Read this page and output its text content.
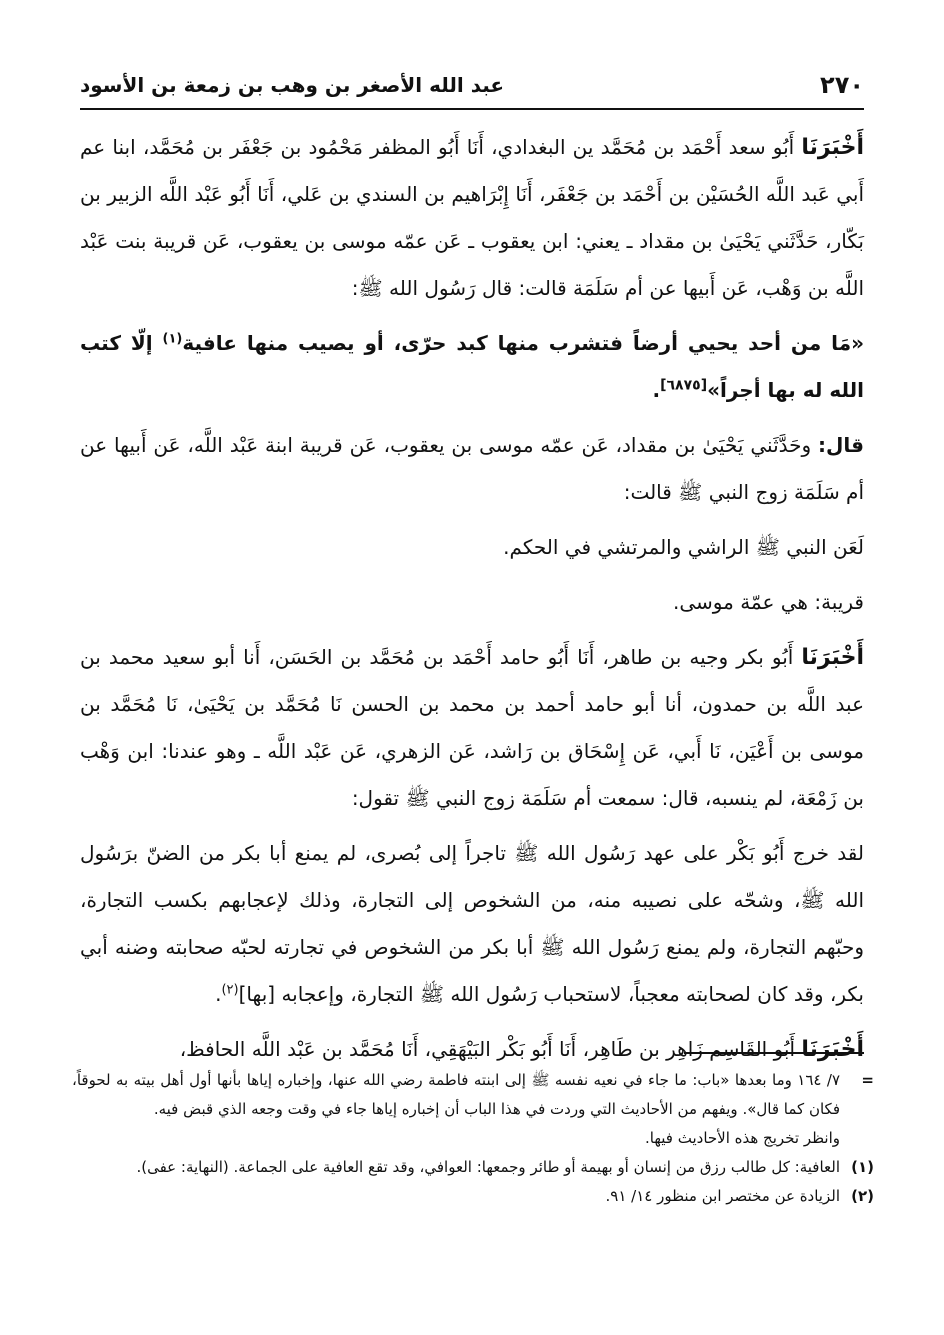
٢٧٠
عبد الله الأصغر بن وهب بن زمعة بن الأسود

أَخْبَرَنَا أَبُو سعد أَحْمَد بن مُحَمَّد ين البغدادي، أَنَا أَبُو المظفر مَحْمُود بن جَعْفَر بن مُحَمَّد، ابنا عم أَبي عَبد اللَّه الحُسَيْن بن أَحْمَد بن جَعْفَر، أَنَا إِبْرَاهيم بن السندي بن عَلي، أَنَا أَبُو عَبْد اللَّه الزبير بن بَكّار، حَدَّثَني يَحْيَىٰ بن مقداد ـ يعني: ابن يعقوب ـ عَن عمّه موسى بن يعقوب، عَن قريبة بنت عَبْد اللَّه بن وَهْب، عَن أَبيها عن أم سَلَمَة قالت: قال رَسُول الله ﷺ:

«مَا من أحد يحيي أرضاً فتشرب منها كبد حرّى، أو يصيب منها عافية$^{(١)}$ إلّا كتب الله له بها أجراً»[٦٨٧٥].

قال: وحَدَّثَني يَحْيَىٰ بن مقداد، عَن عمّه موسى بن يعقوب، عَن قريبة ابنة عَبْد اللَّه، عَن أَبيها عن أم سَلَمَة زوج النبي ﷺ قالت:

لَعَن النبي ﷺ الراشي والمرتشي في الحكم.

قريبة: هي عمّة موسى.

أَخْبَرَنَا أَبُو بكر وجيه بن طاهر، أَنَا أَبُو حامد أَحْمَد بن مُحَمَّد بن الحَسَن، أَنا أبو سعيد محمد بن عبد اللَّه بن حمدون، أنا أبو حامد أحمد بن محمد بن الحسن نَا مُحَمَّد بن يَحْيَىٰ، نَا مُحَمَّد بن موسى بن أَعْيَن، نَا أَبي، عَن إِسْحَاق بن رَاشد، عَن الزهري، عَن عَبْد اللَّه ـ وهو عندنا: ابن وَهْب بن زَمْعَة، لم ينسبه، قال: سمعت أم سَلَمَة زوج النبي ﷺ تقول:

لقد خرج أَبُو بَكْر على عهد رَسُول الله ﷺ تاجراً إلى بُصرى، لم يمنع أبا بكر من الضنّ برَسُول الله ﷺ، وشحّه على نصيبه منه، من الشخوص إلى التجارة، وذلك لإعجابهم بكسب التجارة، وحبّهم التجارة، ولم يمنع رَسُول الله ﷺ أبا بكر من الشخوص في تجارته لحبّه صحابته وضنه أبي بكر، وقد كان لصحابته معجباً، لاستحباب رَسُول الله ﷺ التجارة، وإعجابه [بها]$^{(٢)}$.

أَخْبَرَنَا أَبُو القَاسِم زَاهِر بن طَاهِر، أَنَا أَبُو بَكْر البَيْهَقِي، أَنَا مُحَمَّد بن عَبْد اللَّه الحافظ،

=
٧/ ١٦٤ وما بعدها «باب: ما جاء في نعيه نفسه ﷺ إلى ابنته فاطمة رضي الله عنها، وإخباره إياها بأنها أول أهل بيته به لحوقاً، فكان كما قال». ويفهم من الأحاديث التي وردت في هذا الباب أن إخباره إياها جاء في وقت وجعه الذي قبض فيه.
وانظر تخريج هذه الأحاديث فيها.
(١)
العافية: كل طالب رزق من إنسان أو بهيمة أو طائر وجمعها: العوافي، وقد تقع العافية على الجماعة. (النهاية: عفى).
(٢)
الزيادة عن مختصر ابن منظور ١٤/ ٩١.
